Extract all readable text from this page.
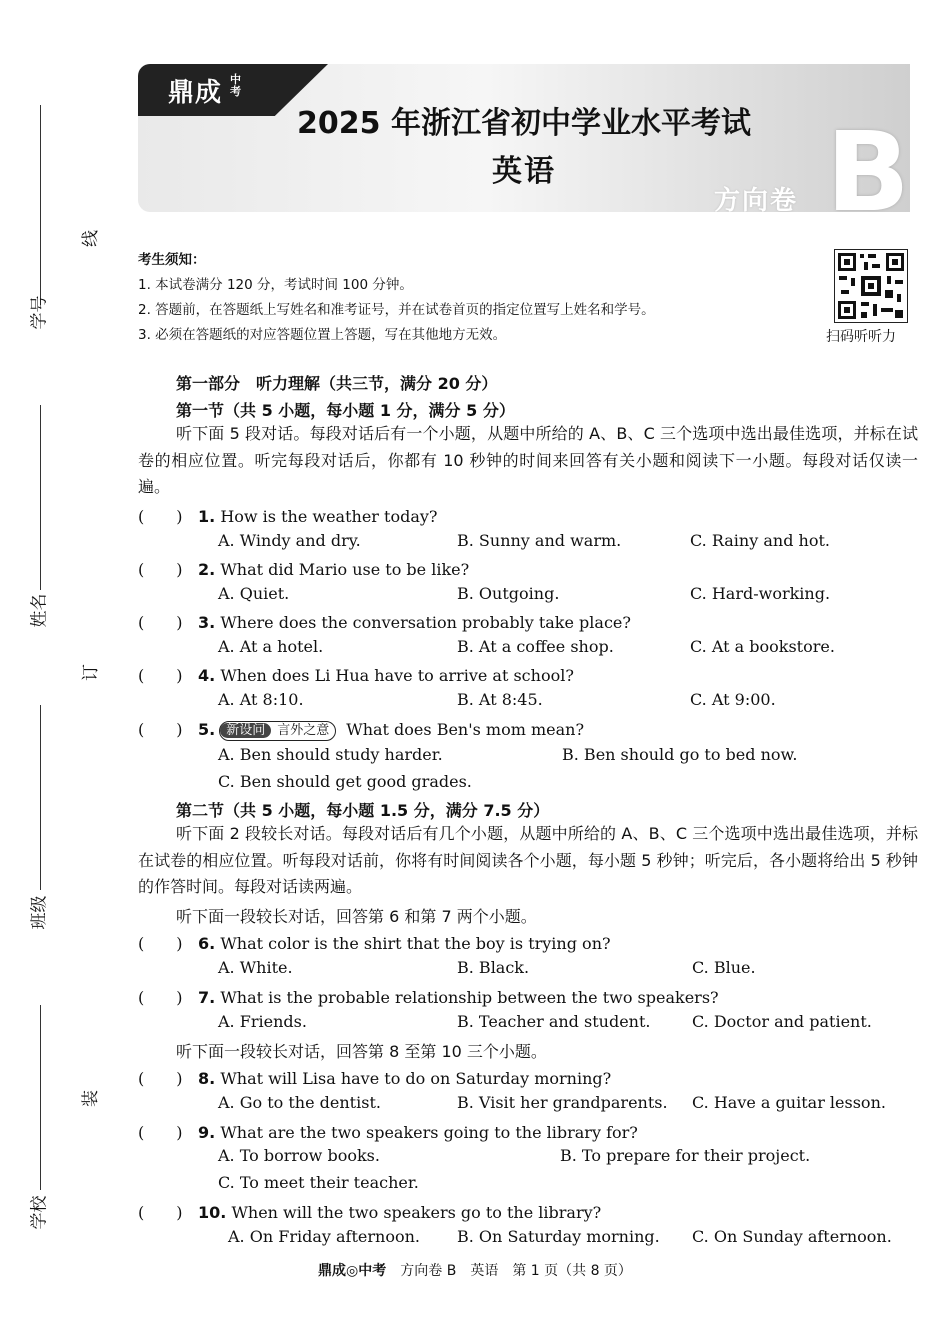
鼎成 中考
B
2025 年浙江省初中学业水平考试
英语
方向卷
学号
线
姓名
订
班级
装
学校
考生须知：
1. 本试卷满分 120 分，考试时间 100 分钟。
2. 答题前，在答题纸上写姓名和准考证号，并在试卷首页的指定位置写上姓名和学号。
3. 必须在答题纸的对应答题位置上答题，写在其他地方无效。	扫码听听力
第一部分　听力理解（共三节，满分 20 分）
第一节（共 5 小题，每小题 1 分，满分 5 分）
听下面 5 段对话。每段对话后有一个小题，从题中所给的 A、B、C 三个选项中选出最佳选项，并标在试卷的相应位置。听完每段对话后，你都有 10 秒钟的时间来回答有关小题和阅读下一小题。每段对话仅读一遍。
(　　) 1. How is the weather today?
A. Windy and dry.	B. Sunny and warm.	C. Rainy and hot.
(　　) 2. What did Mario use to be like?
A. Quiet.	B. Outgoing.	C. Hard-working.
(　　) 3. Where does the conversation probably take place?
A. At a hotel.	B. At a coffee shop.	C. At a bookstore.
(　　) 4. When does Li Hua have to arrive at school?
A. At 8:10.	B. At 8:45.	C. At 9:00.
(　　) 5. 新设问 言外之意 What does Ben's mom mean?
A. Ben should study harder.	B. Ben should go to bed now.
C. Ben should get good grades.
第二节（共 5 小题，每小题 1.5 分，满分 7.5 分）
听下面 2 段较长对话。每段对话后有几个小题，从题中所给的 A、B、C 三个选项中选出最佳选项，并标在试卷的相应位置。听每段对话前，你将有时间阅读各个小题，每小题 5 秒钟；听完后，各小题将给出 5 秒钟的作答时间。每段对话读两遍。
听下面一段较长对话，回答第 6 和第 7 两个小题。
(　　) 6. What color is the shirt that the boy is trying on?
A. White.	B. Black.	C. Blue.
(　　) 7. What is the probable relationship between the two speakers?
A. Friends.	B. Teacher and student.	C. Doctor and patient.
听下面一段较长对话，回答第 8 至第 10 三个小题。
(　　) 8. What will Lisa have to do on Saturday morning?
A. Go to the dentist.	B. Visit her grandparents. C. Have a guitar lesson.
(　　) 9. What are the two speakers going to the library for?
A. To borrow books.	B. To prepare for their project.
C. To meet their teacher.
(　　) 10. When will the two speakers go to the library?
A. On Friday afternoon. B. On Saturday morning. C. On Sunday afternoon.
鼎成◎中考　 方向卷 B　英语　第 1 页（共 8 页）
